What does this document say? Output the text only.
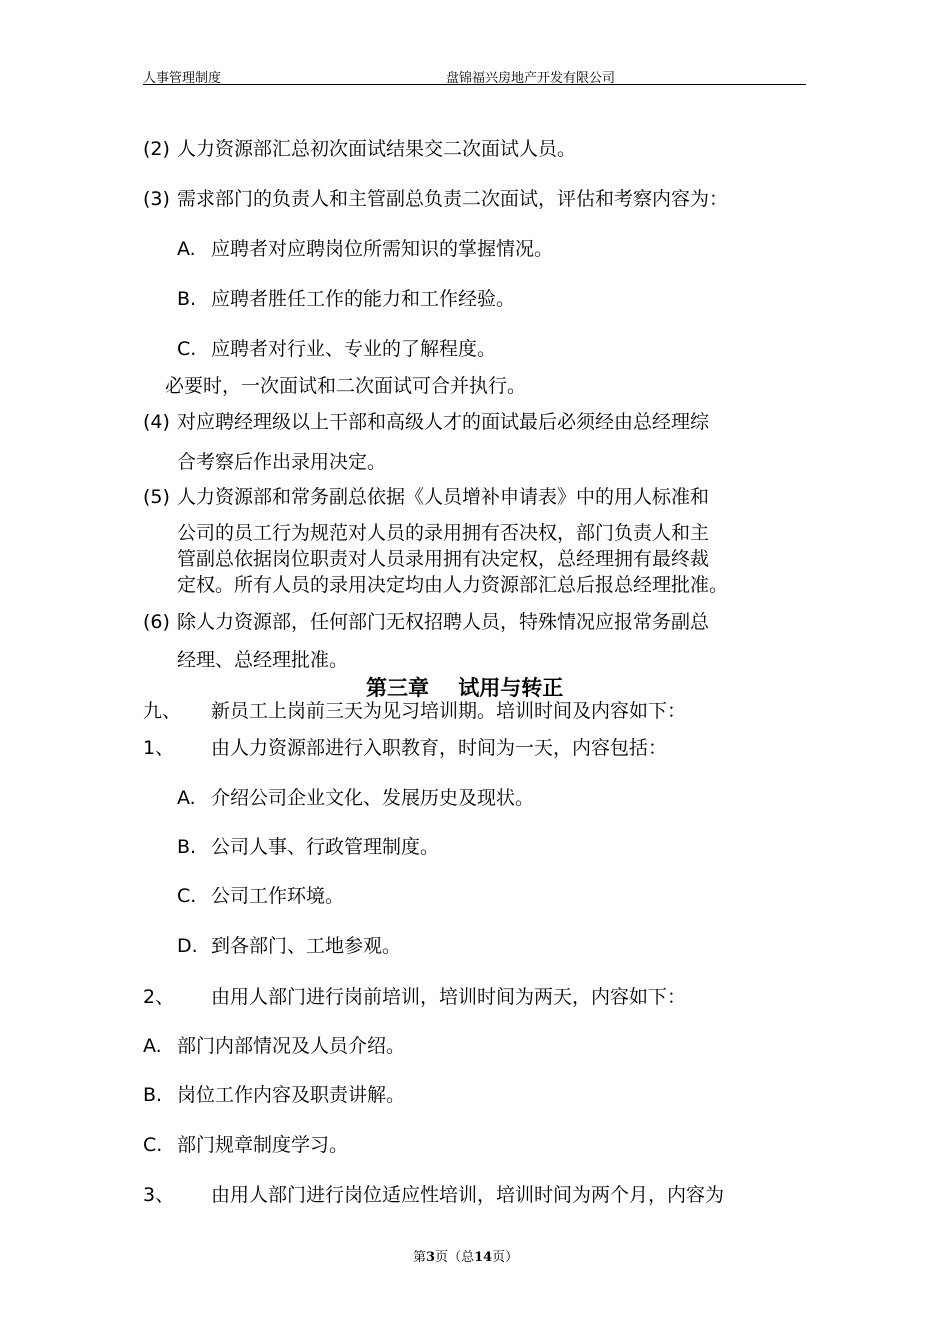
人事管理制度	盘锦福兴房地产开发有限公司
(2) 人力资源部汇总初次面试结果交二次面试人员。
(3) 需求部门的负责人和主管副总负责二次面试，评估和考察内容为：
A. 应聘者对应聘岗位所需知识的掌握情况。
B. 应聘者胜任工作的能力和工作经验。
C. 应聘者对行业、专业的了解程度。
必要时，一次面试和二次面试可合并执行。
(4) 对应聘经理级以上干部和高级人才的面试最后必须经由总经理综
合考察后作出录用决定。
(5) 人力资源部和常务副总依据《人员增补申请表》中的用人标准和
公司的员工行为规范对人员的录用拥有否决权，部门负责人和主
管副总依据岗位职责对人员录用拥有决定权，总经理拥有最终裁
定权。所有人员的录用决定均由人力资源部汇总后报总经理批准。
(6) 除人力资源部，任何部门无权招聘人员，特殊情况应报常务副总
经理、总经理批准。
第三章    试用与转正
九、 新员工上岗前三天为见习培训期。培训时间及内容如下：
1、 由人力资源部进行入职教育，时间为一天，内容包括：
A. 介绍公司企业文化、发展历史及现状。
B. 公司人事、行政管理制度。
C. 公司工作环境。
D. 到各部门、工地参观。
2、 由用人部门进行岗前培训，培训时间为两天，内容如下：
A. 部门内部情况及人员介绍。
B. 岗位工作内容及职责讲解。
C. 部门规章制度学习。
3、 由用人部门进行岗位适应性培训，培训时间为两个月，内容为
第3页（总14页）
